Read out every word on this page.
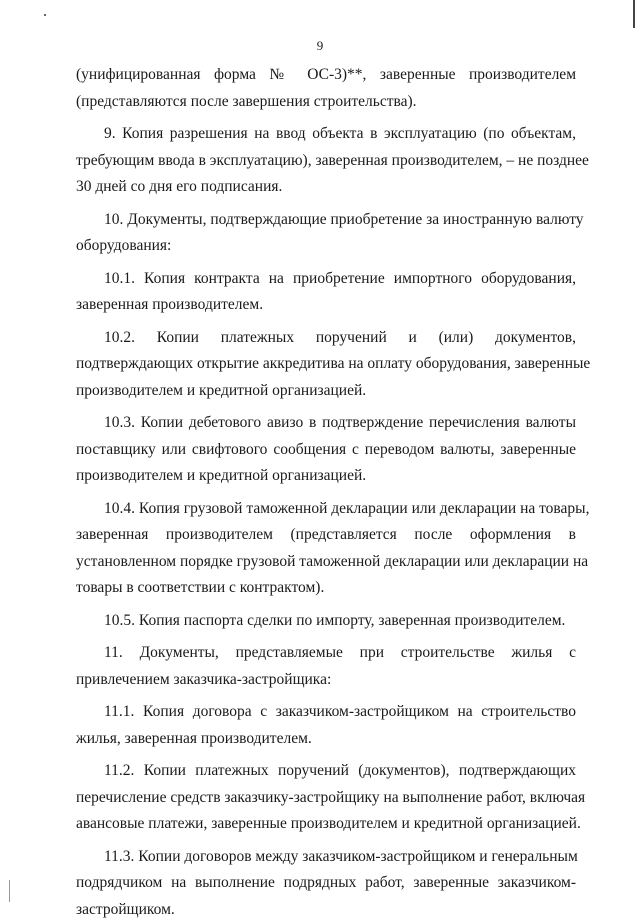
9
(унифицированная форма № ОС-3)**, заверенные производителем
(представляются после завершения строительства).
9. Копия разрешения на ввод объекта в эксплуатацию (по объектам,
требующим ввода в эксплуатацию), заверенная производителем, – не позднее
30 дней со дня его подписания.
10. Документы, подтверждающие приобретение за иностранную валюту
оборудования:
10.1. Копия контракта на приобретение импортного оборудования,
заверенная производителем.
10.2. Копии платежных поручений и (или) документов,
подтверждающих открытие аккредитива на оплату оборудования, заверенные
производителем и кредитной организацией.
10.3. Копии дебетового авизо в подтверждение перечисления валюты
поставщику или свифтового сообщения с переводом валюты, заверенные
производителем и кредитной организацией.
10.4. Копия грузовой таможенной декларации или декларации на товары,
заверенная производителем (представляется после оформления в
установленном порядке грузовой таможенной декларации или декларации на
товары в соответствии с контрактом).
10.5. Копия паспорта сделки по импорту, заверенная производителем.
11. Документы, представляемые при строительстве жилья с
привлечением заказчика-застройщика:
11.1. Копия договора с заказчиком-застройщиком на строительство
жилья, заверенная производителем.
11.2. Копии платежных поручений (документов), подтверждающих
перечисление средств заказчику-застройщику на выполнение работ, включая
авансовые платежи, заверенные производителем и кредитной организацией.
11.3. Копии договоров между заказчиком-застройщиком и генеральным
подрядчиком на выполнение подрядных работ, заверенные заказчиком-
застройщиком.
